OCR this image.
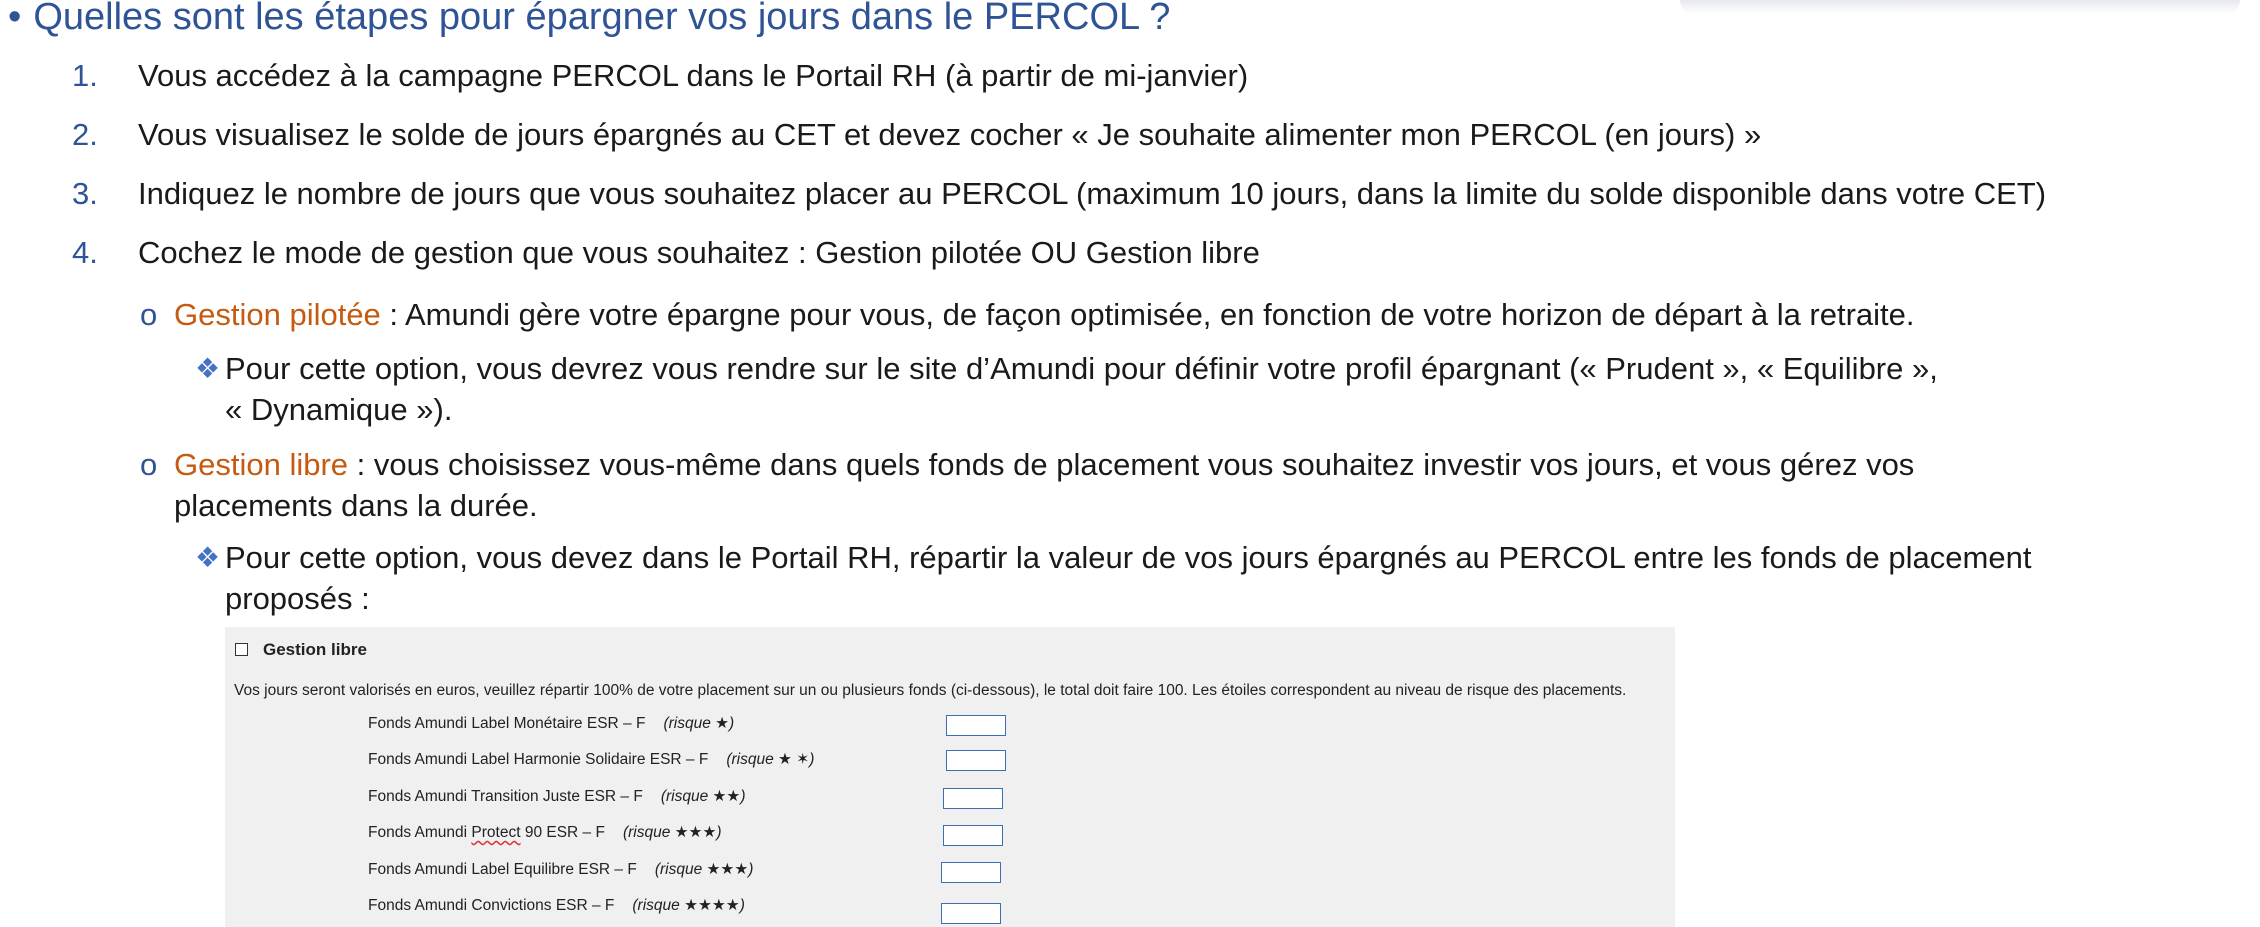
• Quelles sont les étapes pour épargner vos jours dans le PERCOL ?
1. Vous accédez à la campagne PERCOL dans le Portail RH (à partir de mi-janvier)
2. Vous visualisez le solde de jours épargnés au CET et devez cocher « Je souhaite alimenter mon PERCOL (en jours) »
3. Indiquez le nombre de jours que vous souhaitez placer au PERCOL (maximum 10 jours, dans la limite du solde disponible dans votre CET)
4. Cochez le mode de gestion que vous souhaitez : Gestion pilotée OU Gestion libre
o Gestion pilotée : Amundi gère votre épargne pour vous, de façon optimisée, en fonction de votre horizon de départ à la retraite.
❖ Pour cette option, vous devrez vous rendre sur le site d’Amundi pour définir votre profil épargnant (« Prudent », « Equilibre »,
« Dynamique »).
o Gestion libre : vous choisissez vous-même dans quels fonds de placement vous souhaitez investir vos jours, et vous gérez vos
placements dans la durée.
❖ Pour cette option, vous devez dans le Portail RH, répartir la valeur de vos jours épargnés au PERCOL entre les fonds de placement
proposés :
Gestion libre
Vos jours seront valorisés en euros, veuillez répartir 100% de votre placement sur un ou plusieurs fonds (ci-dessous), le total doit faire 100. Les étoiles correspondent au niveau de risque des placements.
Fonds Amundi Label Monétaire ESR – F (risque ★)
Fonds Amundi Label Harmonie Solidaire ESR – F (risque ★ ✶)
Fonds Amundi Transition Juste ESR – F (risque ★★)
Fonds Amundi Protect 90 ESR – F (risque ★★★)
Fonds Amundi Label Equilibre ESR – F (risque ★★★)
Fonds Amundi Convictions ESR – F (risque ★★★★)
